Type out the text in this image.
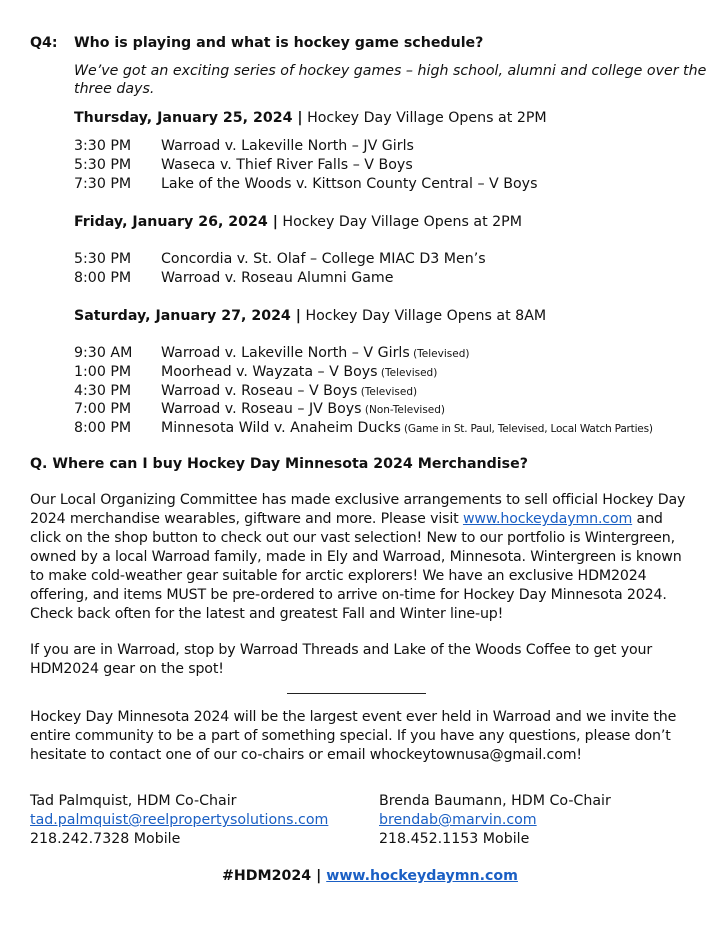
Q4: Who is playing and what is hockey game schedule?
We’ve got an exciting series of hockey games – high school, alumni and college over the
three days.
Thursday, January 25, 2024 | Hockey Day Village Opens at 2PM
3:30 PM Warroad v. Lakeville North – JV Girls
5:30 PM Waseca v. Thief River Falls – V Boys
7:30 PM Lake of the Woods v. Kittson County Central – V Boys
Friday, January 26, 2024 | Hockey Day Village Opens at 2PM
5:30 PM Concordia v. St. Olaf – College MIAC D3 Men’s
8:00 PM Warroad v. Roseau Alumni Game
Saturday, January 27, 2024 | Hockey Day Village Opens at 8AM
9:30 AM Warroad v. Lakeville North – V Girls (Televised)
1:00 PM Moorhead v. Wayzata – V Boys (Televised)
4:30 PM Warroad v. Roseau – V Boys (Televised)
7:00 PM Warroad v. Roseau – JV Boys (Non-Televised)
8:00 PM Minnesota Wild v. Anaheim Ducks (Game in St. Paul, Televised, Local Watch Parties)
Q. Where can I buy Hockey Day Minnesota 2024 Merchandise?
Our Local Organizing Committee has made exclusive arrangements to sell official Hockey Day 2024 merchandise wearables, giftware and more. Please visit www.hockeydaymn.com and click on the shop button to check out our vast selection! New to our portfolio is Wintergreen, owned by a local Warroad family, made in Ely and Warroad, Minnesota. Wintergreen is known to make cold-weather gear suitable for arctic explorers! We have an exclusive HDM2024 offering, and items MUST be pre-ordered to arrive on-time for Hockey Day Minnesota 2024. Check back often for the latest and greatest Fall and Winter line-up!
If you are in Warroad, stop by Warroad Threads and Lake of the Woods Coffee to get your HDM2024 gear on the spot!
Hockey Day Minnesota 2024 will be the largest event ever held in Warroad and we invite the entire community to be a part of something special. If you have any questions, please don’t hesitate to contact one of our co-chairs or email whockeytownusa@gmail.com!
Tad Palmquist, HDM Co-Chair
tad.palmquist@reelpropertysolutions.com
218.242.7328 Mobile
Brenda Baumann, HDM Co-Chair
brendab@marvin.com
218.452.1153 Mobile
#HDM2024 | www.hockeydaymn.com
